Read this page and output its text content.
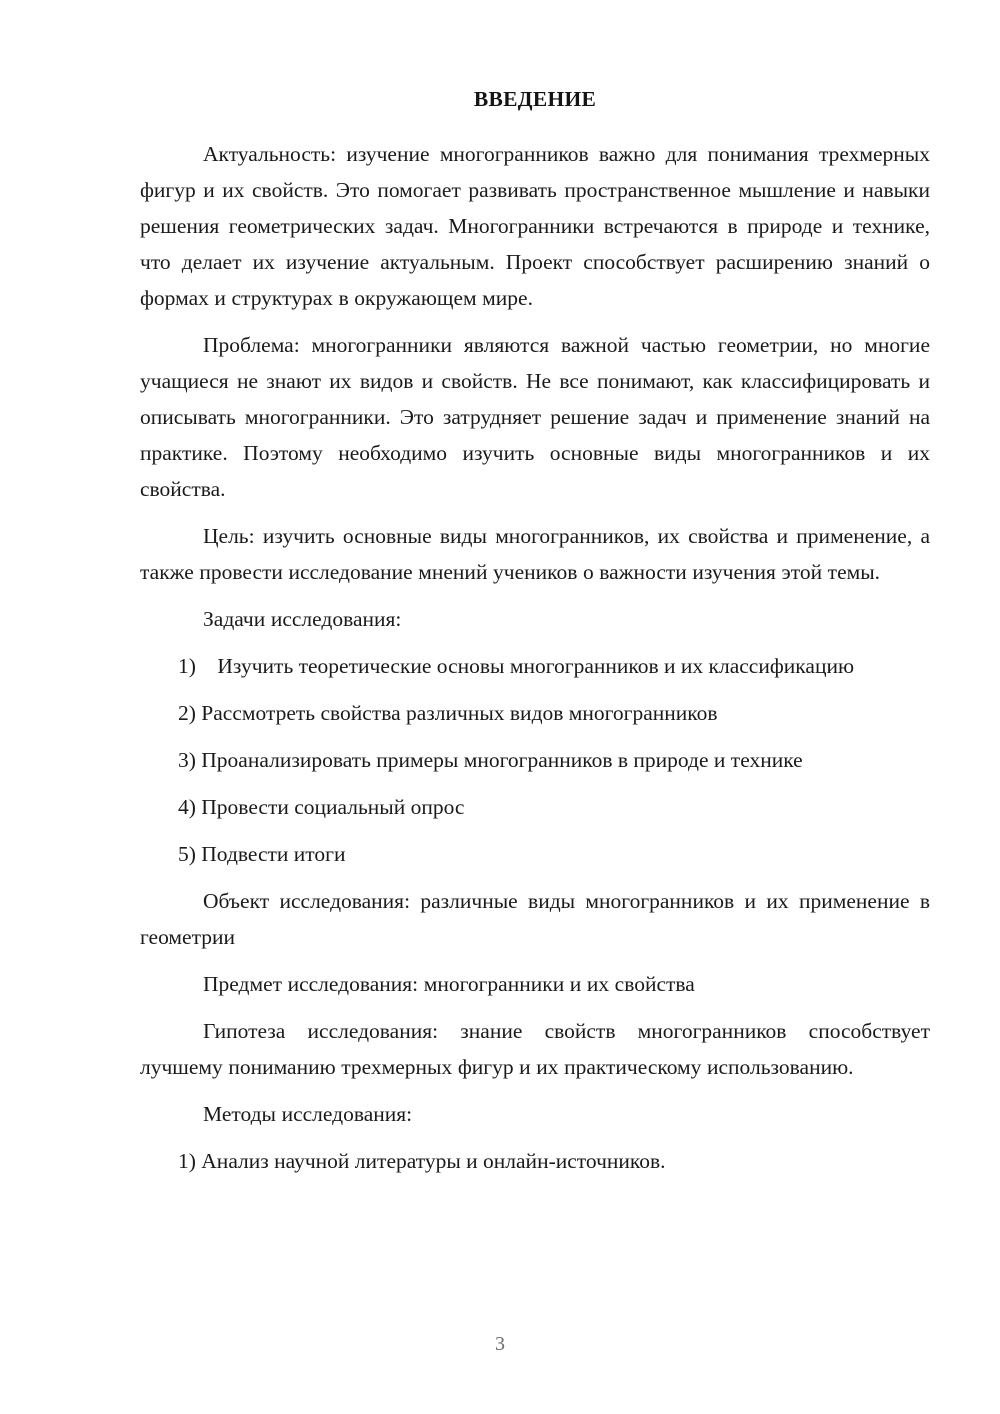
ВВЕДЕНИЕ

Актуальность: изучение многогранников важно для понимания трехмерных фигур и их свойств. Это помогает развивать пространственное мышление и навыки решения геометрических задач. Многогранники встречаются в природе и технике, что делает их изучение актуальным. Проект способствует расширению знаний о формах и структурах в окружающем мире.

Проблема: многогранники являются важной частью геометрии, но многие учащиеся не знают их видов и свойств. Не все понимают, как классифицировать и описывать многогранники. Это затрудняет решение задач и применение знаний на практике. Поэтому необходимо изучить основные виды многогранников и их свойства.

Цель: изучить основные виды многогранников, их свойства и применение, а также провести исследование мнений учеников о важности изучения этой темы.

Задачи исследования:

1) Изучить теоретические основы многогранников и их классификацию

2) Рассмотреть свойства различных видов многогранников

3) Проанализировать примеры многогранников в природе и технике

4) Провести социальный опрос

5) Подвести итоги

Объект исследования: различные виды многогранников и их применение в геометрии

Предмет исследования: многогранники и их свойства

Гипотеза исследования: знание свойств многогранников способствует лучшему пониманию трехмерных фигур и их практическому использованию.

Методы исследования:

1) Анализ научной литературы и онлайн-источников.

3
